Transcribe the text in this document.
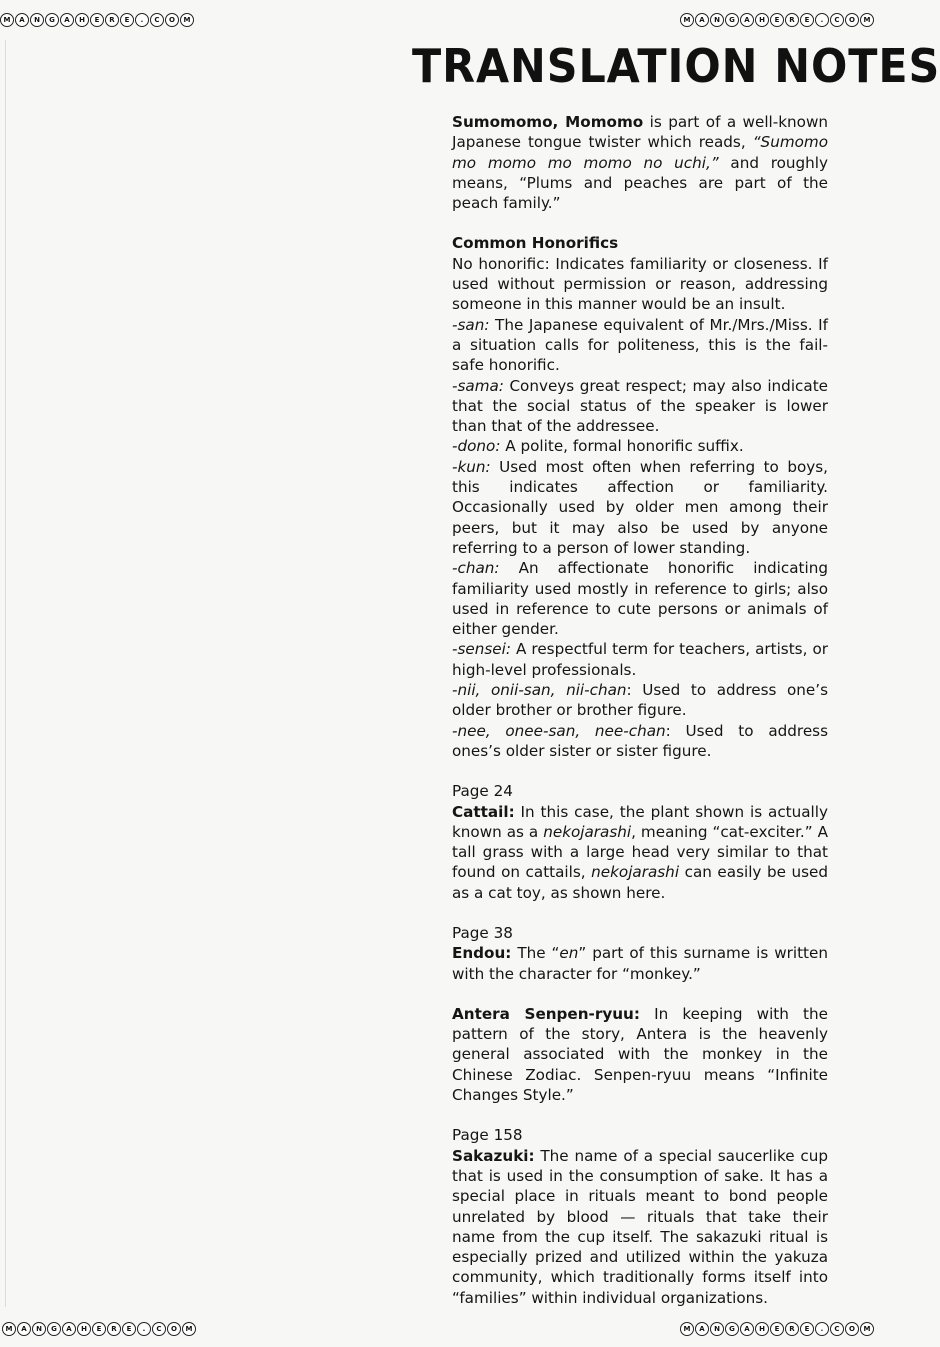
M	A	N	G	A	H	E	R	E	.	C	O	M	M	A	N	G	A	H	E	R	E	.	C	O	M
M	A	N	G	A	H	E	R	E	.	C	O	M	M	A	N	G	A	H	E	R	E	.	C	O	M
TRANSLATION NOTES

Sumomomo, Momomo is part of a well-known Japanese tongue twister which reads, “Sumomo mo momo mo momo no uchi,” and roughly means, “Plums and peaches are part of the peach family.”

Common Honorifics

No honorific: Indicates familiarity or closeness. If used without permission or reason, addressing someone in this manner would be an insult.

-san: The Japanese equivalent of Mr./Mrs./Miss. If a situation calls for politeness, this is the fail-safe honorific.

-sama: Conveys great respect; may also indicate that the social status of the speaker is lower than that of the addressee.

-dono: A polite, formal honorific suffix.

-kun: Used most often when referring to boys, this indicates affection or familiarity. Occasionally used by older men among their peers, but it may also be used by anyone referring to a person of lower standing.

-chan: An affectionate honorific indicating familiarity used mostly in reference to girls; also used in reference to cute persons or animals of either gender.

-sensei: A respectful term for teachers, artists, or high-level professionals.

-nii, onii-san, nii-chan: Used to address one’s older brother or brother figure.

-nee, onee-san, nee-chan: Used to address ones’s older sister or sister figure.

Page 24

Cattail: In this case, the plant shown is actually known as a nekojarashi, meaning “cat-exciter.” A tall grass with a large head very similar to that found on cattails, nekojarashi can easily be used as a cat toy, as shown here.

Page 38

Endou: The “en” part of this surname is written with the character for “monkey.”

Antera Senpen-ryuu: In keeping with the pattern of the story, Antera is the heavenly general associated with the monkey in the Chinese Zodiac. Senpen-ryuu means “Infinite Changes Style.”

Page 158

Sakazuki: The name of a special saucerlike cup that is used in the consumption of sake. It has a special place in rituals meant to bond people unrelated by blood — rituals that take their name from the cup itself. The sakazuki ritual is especially prized and utilized within the yakuza community, which traditionally forms itself into “families” within individual organizations.
